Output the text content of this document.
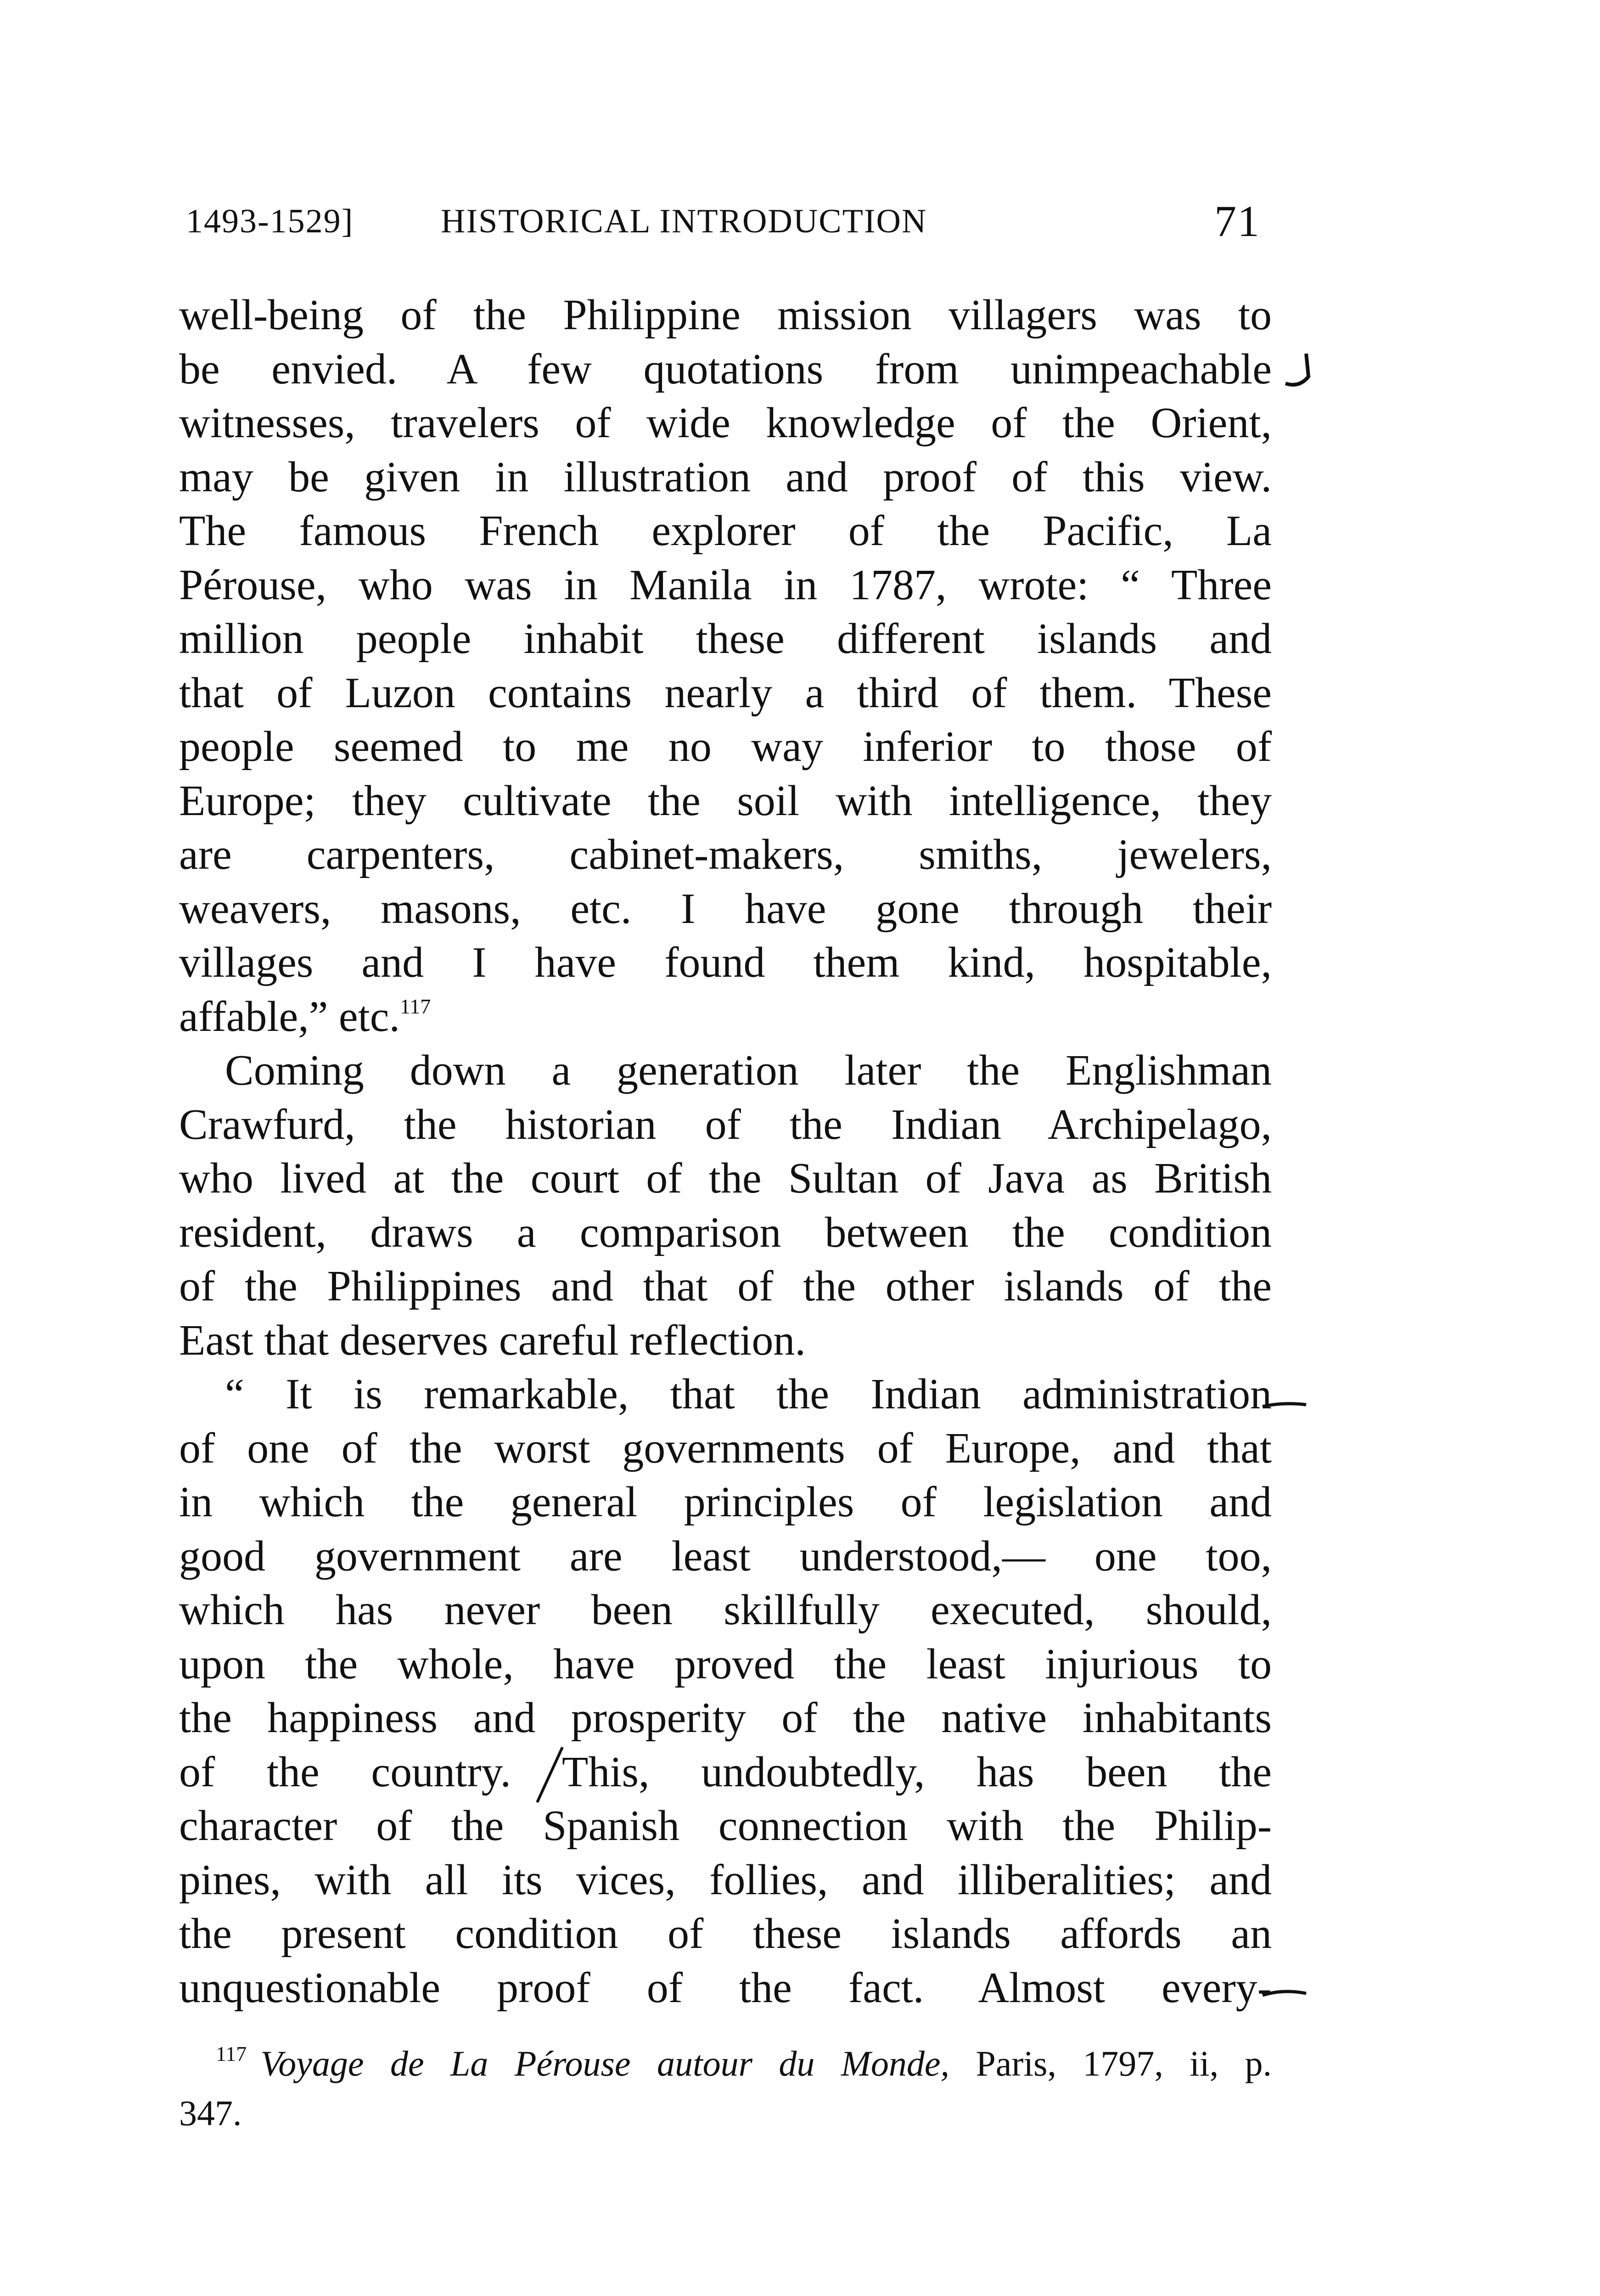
1493-1529]	HISTORICAL INTRODUCTION	71
well-being of the Philippine mission villagers was to
be envied. A few quotations from unimpeachable
witnesses, travelers of wide knowledge of the Orient,
may be given in illustration and proof of this view.
The famous French explorer of the Pacific, La
Pérouse, who was in Manila in 1787, wrote: “ Three
million people inhabit these different islands and
that of Luzon contains nearly a third of them. These
people seemed to me no way inferior to those of
Europe; they cultivate the soil with intelligence, they
are carpenters, cabinet-makers, smiths, jewelers,
weavers, masons, etc. I have gone through their
villages and I have found them kind, hospitable,
affable,” etc.$^{117}$
Coming down a generation later the Englishman
Crawfurd, the historian of the Indian Archipelago,
who lived at the court of the Sultan of Java as British
resident, draws a comparison between the condition
of the Philippines and that of the other islands of the
East that deserves careful reflection.
“ It is remarkable, that the Indian administration
of one of the worst governments of Europe, and that
in which the general principles of legislation and
good government are least understood,— one too,
which has never been skillfully executed, should,
upon the whole, have proved the least injurious to
the happiness and prosperity of the native inhabitants
of the country. This, undoubtedly, has been the
character of the Spanish connection with the Philip-
pines, with all its vices, follies, and illiberalities; and
the present condition of these islands affords an
unquestionable proof of the fact. Almost every-
$^{117}$ Voyage de La Pérouse autour du Monde, Paris, 1797, ii, p.
347.
